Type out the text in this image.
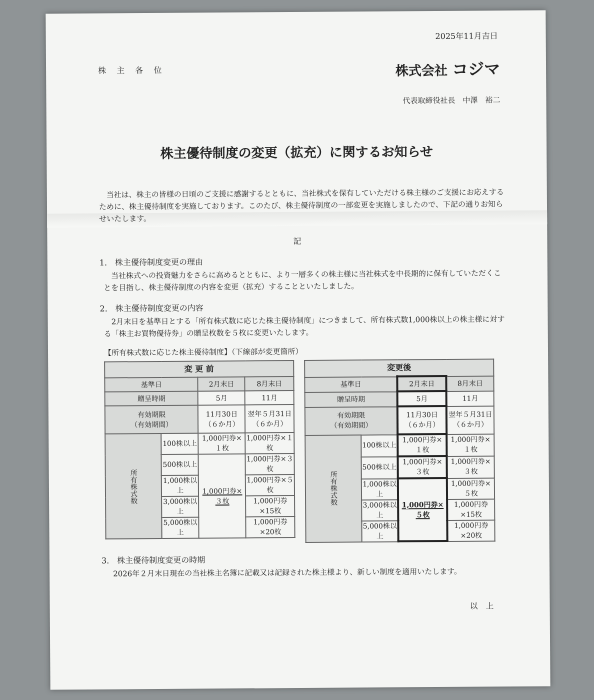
2025年11月吉日
株 主 各 位	株式会社 コジマ
代表取締役社長　中澤　裕二
株主優待制度の変更（拡充）に関するお知らせ
当社は、株主の皆様の日頃のご支援に感謝するとともに、当社株式を保有していただける株主様のご支援にお応えするために、株主優待制度を実施しております。このたび、株主優待制度の一部変更を実施しましたので、下記の通りお知らせいたします。
記
1.　株主優待制度変更の理由
当社株式への投資魅力をさらに高めるとともに、より一層多くの株主様に当社株式を中長期的に保有していただくことを目指し、株主優待制度の内容を変更（拡充）することといたしました。
2.　株主優待制度変更の内容
2月末日を基準日とする「所有株式数に応じた株主優待制度」につきまして、所有株式数1,000株以上の株主様に対する「株主お買物優待券」の贈呈枚数を５枚に変更いたします。
【所有株式数に応じた株主優待制度】（下線部が変更箇所）
変 更 前			
基準日		2月末日	8月末日
贈呈時期		5月	11月
有効期限
（有効期間）		11月30日
（６か月）	翌年５月31日
（６か月）
所有株式数	100株以上	1,000円券×１枚	1,000円券×１枚
	500株以上	1,000円券×３枚	1,000円券×３枚
	1,000株以上		1,000円券×５枚
	3,000株以上		1,000円券×15枚
	5,000株以上		1,000円券×20枚
変更後			
基準日		2月末日	8月末日
贈呈時期		5月	11月
有効期限
（有効期間）		11月30日
（６か月）	翌年５月31日
（６か月）
所有株式数	100株以上	1,000円券×１枚	1,000円券×１枚
	500株以上	1,000円券×３枚	1,000円券×３枚
	1,000株以上	1,000円券×５枚	1,000円券×５枚
	3,000株以上		1,000円券×15枚
	5,000株以上		1,000円券×20枚
3.　株主優待制度変更の時期
2026年２月末日現在の当社株主名簿に記載又は記録された株主様より、新しい制度を適用いたします。
以　上
